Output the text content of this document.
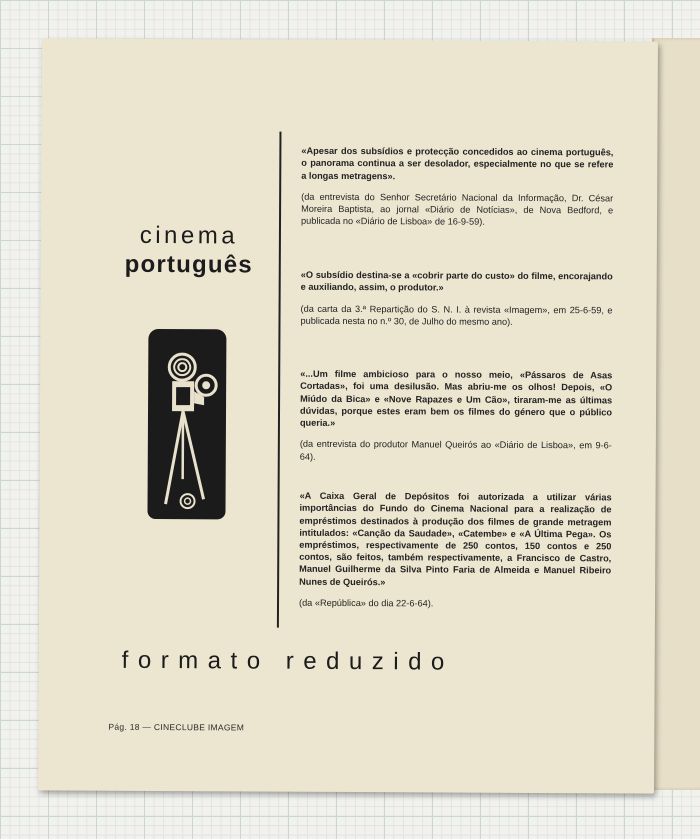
cinema
português

«Apesar dos subsídios e protecção concedidos ao cinema português, o panorama continua a ser desolador, especialmente no que se refere a longas metragens».

(da entrevista do Senhor Secretário Nacional da Informação, Dr. César Moreira Baptista, ao jornal «Diário de Notícias», de Nova Bedford, e publicada no «Diário de Lisboa» de 16-9-59).

«O subsídio destina-se a «cobrir parte do custo» do filme, encorajando e auxiliando, assim, o produtor.»

(da carta da 3.ª Repartição do S. N. I. à revista «Imagem», em 25-6-59, e publicada nesta no n.º 30, de Julho do mesmo ano).

«...Um filme ambicioso para o nosso meio, «Pássaros de Asas Cortadas», foi uma desilusão. Mas abriu-me os olhos! Depois, «O Miúdo da Bica» e «Nove Rapazes e Um Cão», tiraram-me as últimas dúvidas, porque estes eram bem os filmes do género que o público queria.»

(da entrevista do produtor Manuel Queirós ao «Diário de Lisboa», em 9-6-64).

«A Caixa Geral de Depósitos foi autorizada a utilizar várias importâncias do Fundo do Cinema Nacional para a realização de empréstimos destinados à produção dos filmes de grande metragem intitulados: «Canção da Saudade», «Catembe» e «A Última Pega». Os empréstimos, respectivamente de 250 contos, 150 contos e 250 contos, são feitos, também respectivamente, a Francisco de Castro, Manuel Guilherme da Silva Pinto Faria de Almeida e Manuel Ribeiro Nunes de Queirós.»

(da «República» do dia 22-6-64).

formato reduzido
Pág. 18 — CINECLUBE IMAGEM
